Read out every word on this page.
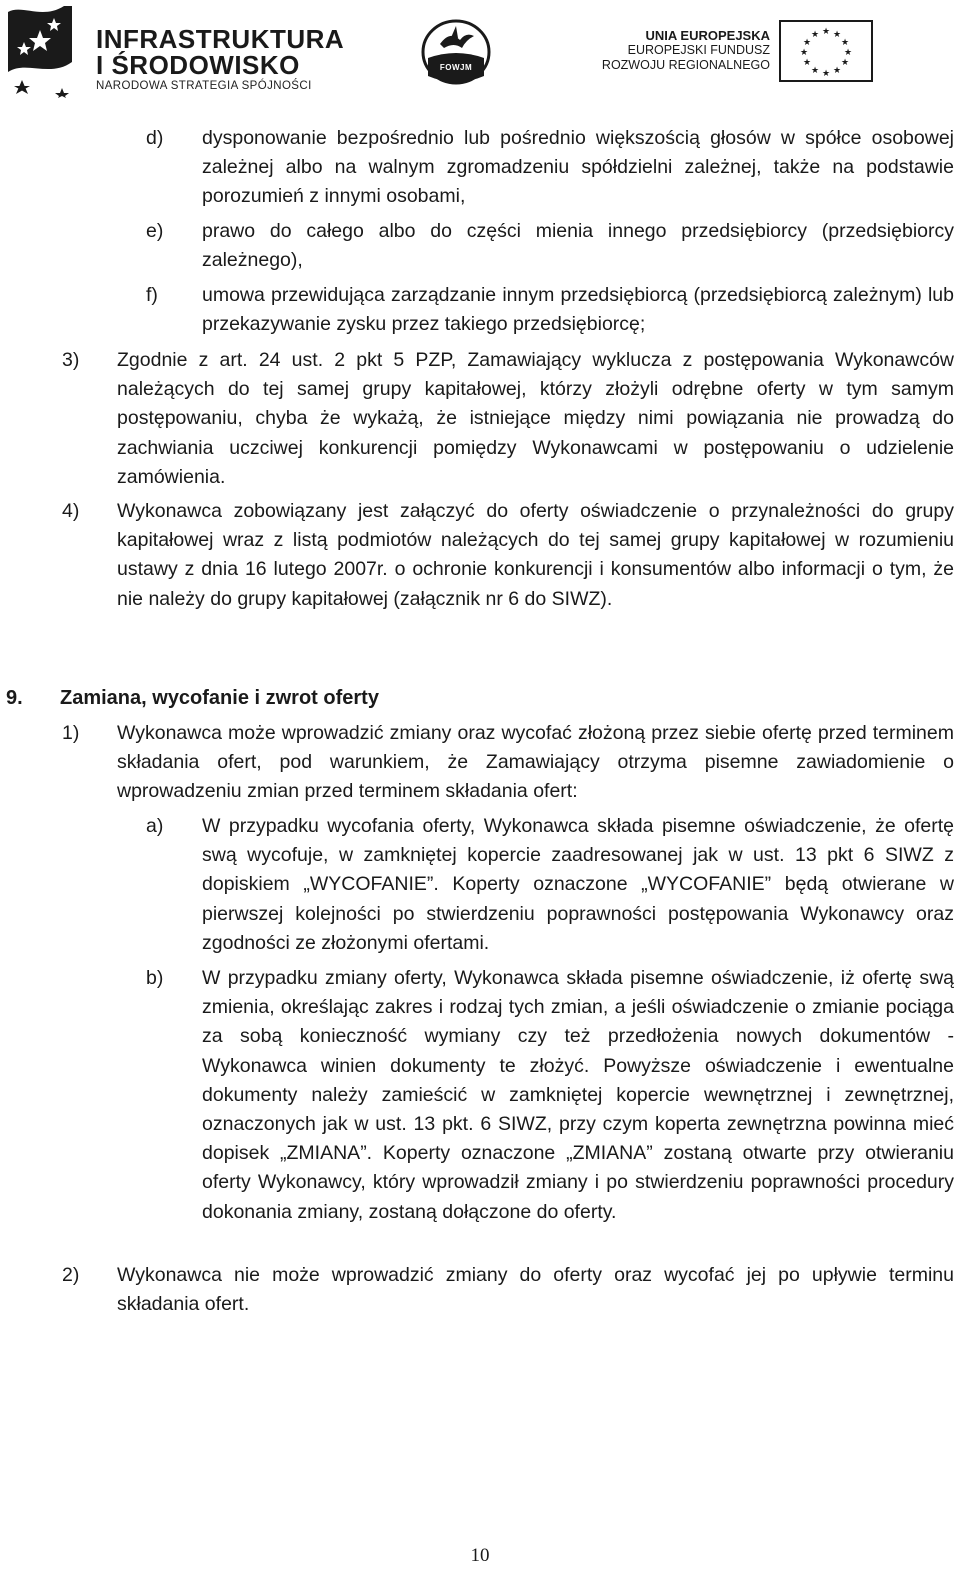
INFRASTRUKTURA
I ŚRODOWISKO
NARODOWA STRATEGIA SPÓJNOŚCI
FOWJM
UNIA EUROPEJSKA
EUROPEJSKI FUNDUSZ
ROZWOJU REGIONALNEGO
★ ★
★
★
★
★
★
★
★
★
★
★
d) dysponowanie bezpośrednio lub pośrednio większością głosów w spółce osobowej zależnej albo na walnym zgromadzeniu spółdzielni zależnej, także na podstawie porozumień z innymi osobami,
e) prawo do całego albo do części mienia innego przedsiębiorcy (przedsiębiorcy zależnego),
f) umowa przewidująca zarządzanie innym przedsiębiorcą (przedsiębiorcą zależnym) lub przekazywanie zysku przez takiego przedsiębiorcę;
3) Zgodnie z art. 24 ust. 2 pkt 5 PZP, Zamawiający wyklucza z postępowania Wykonawców należących do tej samej grupy kapitałowej, którzy złożyli odrębne oferty w tym samym postępowaniu, chyba że wykażą, że istniejące między nimi powiązania nie prowadzą do zachwiania uczciwej konkurencji pomiędzy Wykonawcami w postępowaniu o udzielenie zamówienia.
4) Wykonawca zobowiązany jest załączyć do oferty oświadczenie o przynależności do grupy kapitałowej wraz z listą podmiotów należących do tej samej grupy kapitałowej w rozumieniu ustawy z dnia 16 lutego 2007r. o ochronie konkurencji i konsumentów albo informacji o tym, że nie należy do grupy kapitałowej (załącznik nr 6 do SIWZ).
9. Zamiana, wycofanie i zwrot oferty
1) Wykonawca może wprowadzić zmiany oraz wycofać złożoną przez siebie ofertę przed terminem składania ofert, pod warunkiem, że Zamawiający otrzyma pisemne zawiadomienie o wprowadzeniu zmian przed terminem składania ofert:
a) W przypadku wycofania oferty, Wykonawca składa pisemne oświadczenie, że ofertę swą wycofuje, w zamkniętej kopercie zaadresowanej jak w ust. 13 pkt 6 SIWZ z dopiskiem „WYCOFANIE”. Koperty oznaczone „WYCOFANIE” będą otwierane w pierwszej kolejności po stwierdzeniu poprawności postępowania Wykonawcy oraz zgodności ze złożonymi ofertami.
b) W przypadku zmiany oferty, Wykonawca składa pisemne oświadczenie, iż ofertę swą zmienia, określając zakres i rodzaj tych zmian, a jeśli oświadczenie o zmianie pociąga za sobą konieczność wymiany czy też przedłożenia nowych dokumentów - Wykonawca winien dokumenty te złożyć. Powyższe oświadczenie i ewentualne dokumenty należy zamieścić w zamkniętej kopercie wewnętrznej i zewnętrznej, oznaczonych jak w ust. 13 pkt. 6 SIWZ, przy czym koperta zewnętrzna powinna mieć dopisek „ZMIANA”. Koperty oznaczone „ZMIANA” zostaną otwarte przy otwieraniu oferty Wykonawcy, który wprowadził zmiany i po stwierdzeniu poprawności procedury dokonania zmiany, zostaną dołączone do oferty.
2) Wykonawca nie może wprowadzić zmiany do oferty oraz wycofać jej po upływie terminu składania ofert.
10
